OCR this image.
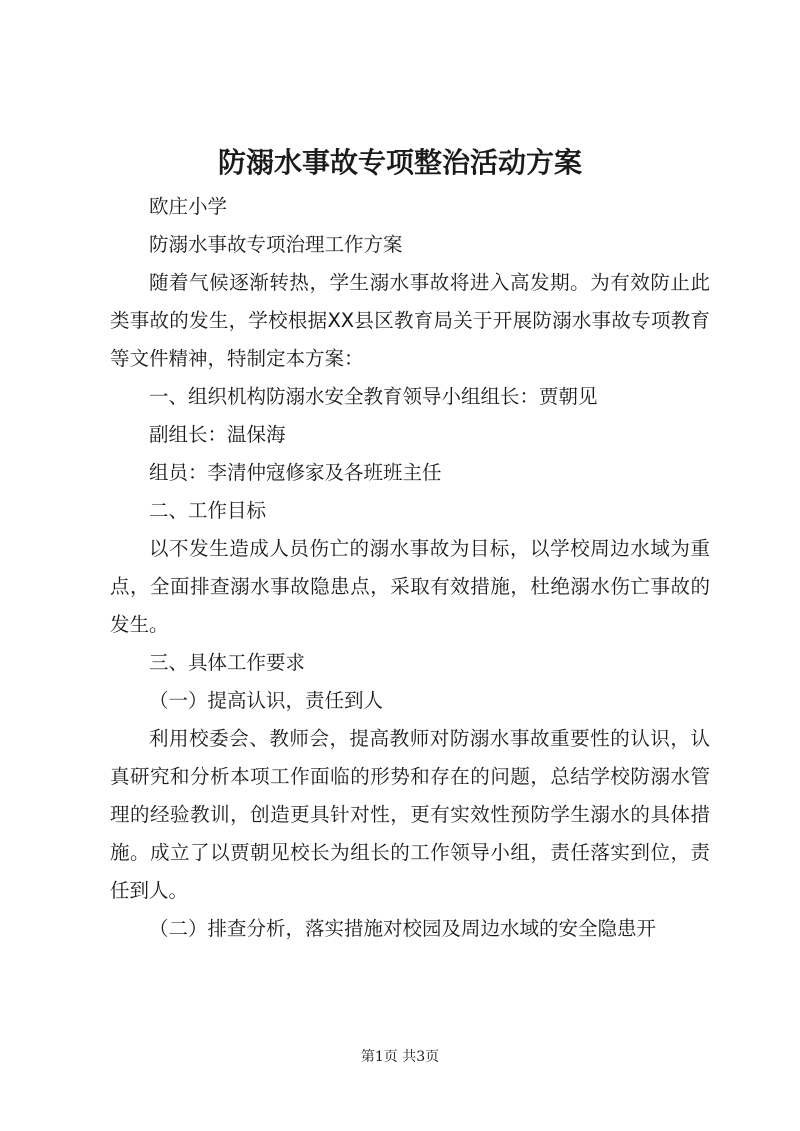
防溺水事故专项整治活动方案

欧庄小学

防溺水事故专项治理工作方案

随着气候逐渐转热，学生溺水事故将进入高发期。为有效防止此类事故的发生，学校根据XX县区教育局关于开展防溺水事故专项教育等文件精神，特制定本方案：

一、组织机构防溺水安全教育领导小组组长：贾朝见

副组长：温保海

组员：李清仲寇修家及各班班主任

二、工作目标

以不发生造成人员伤亡的溺水事故为目标，以学校周边水域为重点，全面排查溺水事故隐患点，采取有效措施，杜绝溺水伤亡事故的发生。

三、具体工作要求

（一）提高认识，责任到人

利用校委会、教师会，提高教师对防溺水事故重要性的认识，认真研究和分析本项工作面临的形势和存在的问题，总结学校防溺水管理的经验教训，创造更具针对性，更有实效性预防学生溺水的具体措施。成立了以贾朝见校长为组长的工作领导小组，责任落实到位，责任到人。

（二）排查分析，落实措施对校园及周边水域的安全隐患开

第1页 共3页
